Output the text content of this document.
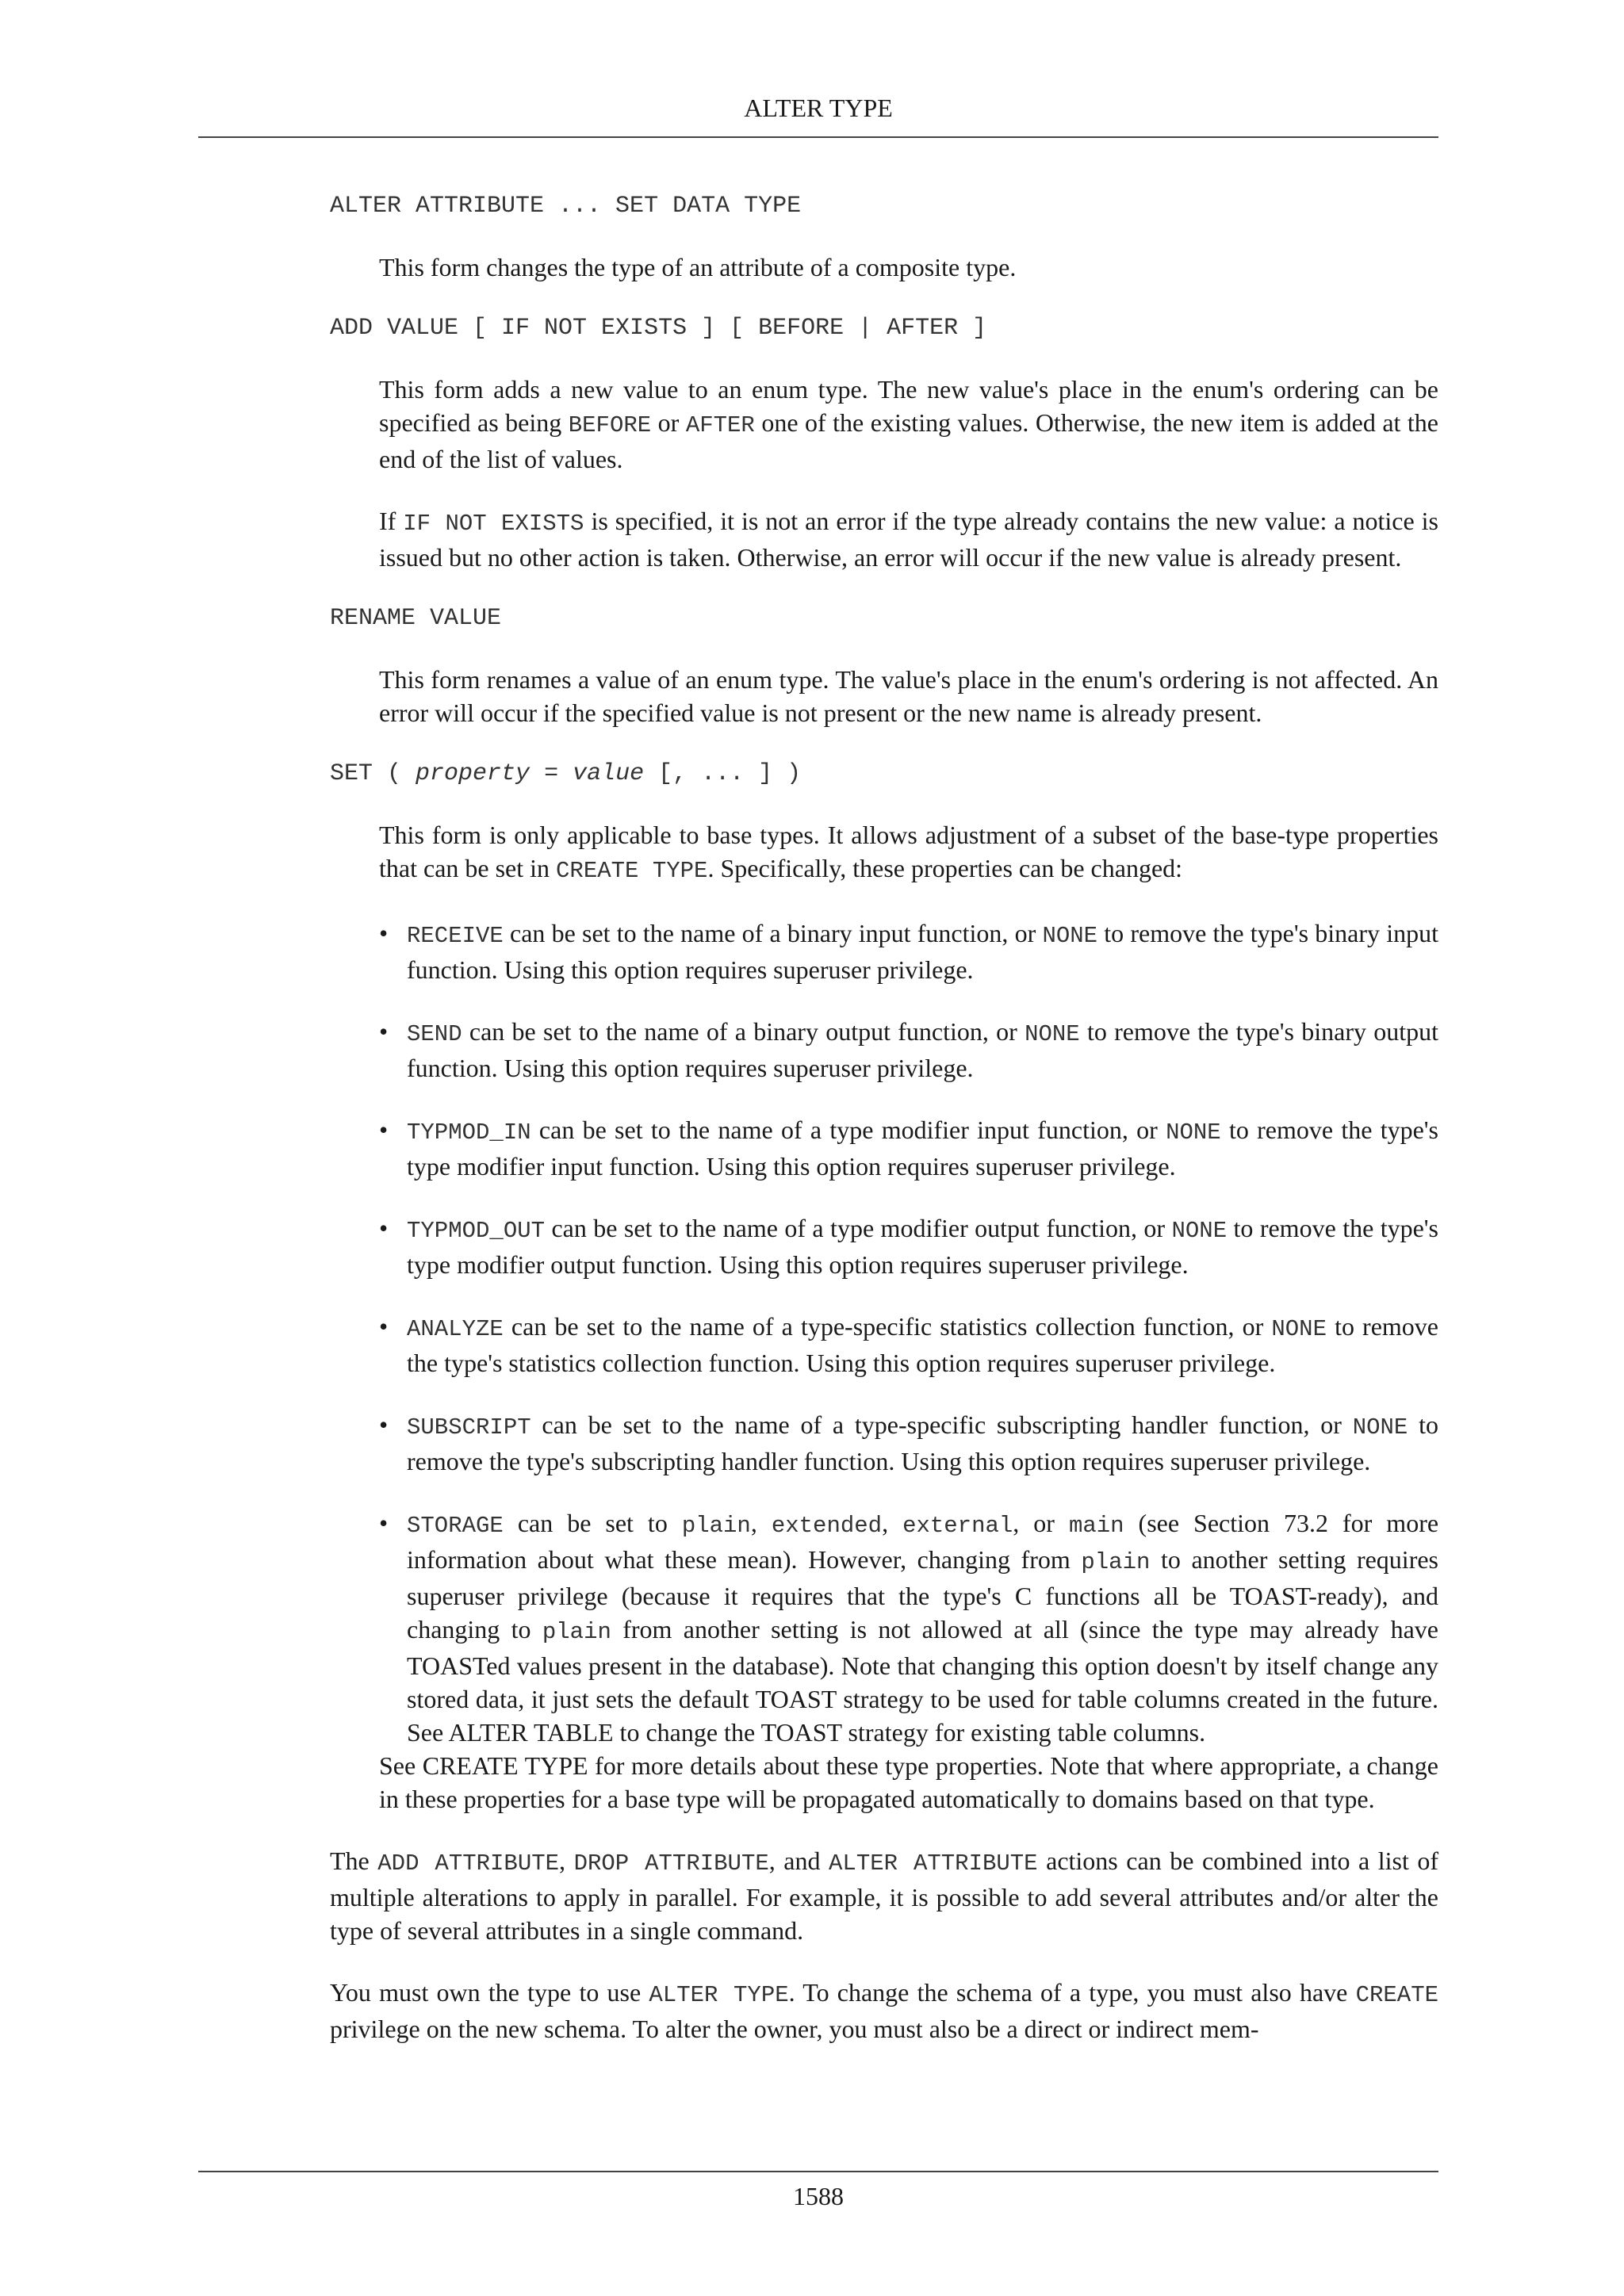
ALTER TYPE
ALTER ATTRIBUTE ... SET DATA TYPE

This form changes the type of an attribute of a composite type.

ADD VALUE [ IF NOT EXISTS ] [ BEFORE | AFTER ]

This form adds a new value to an enum type. The new value's place in the enum's ordering can be specified as being BEFORE or AFTER one of the existing values. Otherwise, the new item is added at the end of the list of values.

If IF NOT EXISTS is specified, it is not an error if the type already contains the new value: a notice is issued but no other action is taken. Otherwise, an error will occur if the new value is already present.

RENAME VALUE

This form renames a value of an enum type. The value's place in the enum's ordering is not affected. An error will occur if the specified value is not present or the new name is already present.

SET ( property = value [, ... ] )

This form is only applicable to base types. It allows adjustment of a subset of the base-type properties that can be set in CREATE TYPE. Specifically, these properties can be changed:

• RECEIVE can be set to the name of a binary input function, or NONE to remove the type's binary input function. Using this option requires superuser privilege.
• SEND can be set to the name of a binary output function, or NONE to remove the type's binary output function. Using this option requires superuser privilege.
• TYPMOD_IN can be set to the name of a type modifier input function, or NONE to remove the type's type modifier input function. Using this option requires superuser privilege.
• TYPMOD_OUT can be set to the name of a type modifier output function, or NONE to remove the type's type modifier output function. Using this option requires superuser privilege.
• ANALYZE can be set to the name of a type-specific statistics collection function, or NONE to remove the type's statistics collection function. Using this option requires superuser privilege.
• SUBSCRIPT can be set to the name of a type-specific subscripting handler function, or NONE to remove the type's subscripting handler function. Using this option requires superuser privilege.
• STORAGE can be set to plain, extended, external, or main (see Section 73.2 for more information about what these mean). However, changing from plain to another setting requires superuser privilege (because it requires that the type's C functions all be TOAST-ready), and changing to plain from another setting is not allowed at all (since the type may already have TOASTed values present in the database). Note that changing this option doesn't by itself change any stored data, it just sets the default TOAST strategy to be used for table columns created in the future. See ALTER TABLE to change the TOAST strategy for existing table columns.

See CREATE TYPE for more details about these type properties. Note that where appropriate, a change in these properties for a base type will be propagated automatically to domains based on that type.

The ADD ATTRIBUTE, DROP ATTRIBUTE, and ALTER ATTRIBUTE actions can be combined into a list of multiple alterations to apply in parallel. For example, it is possible to add several attributes and/or alter the type of several attributes in a single command.

You must own the type to use ALTER TYPE. To change the schema of a type, you must also have CREATE privilege on the new schema. To alter the owner, you must also be a direct or indirect mem-

1588
